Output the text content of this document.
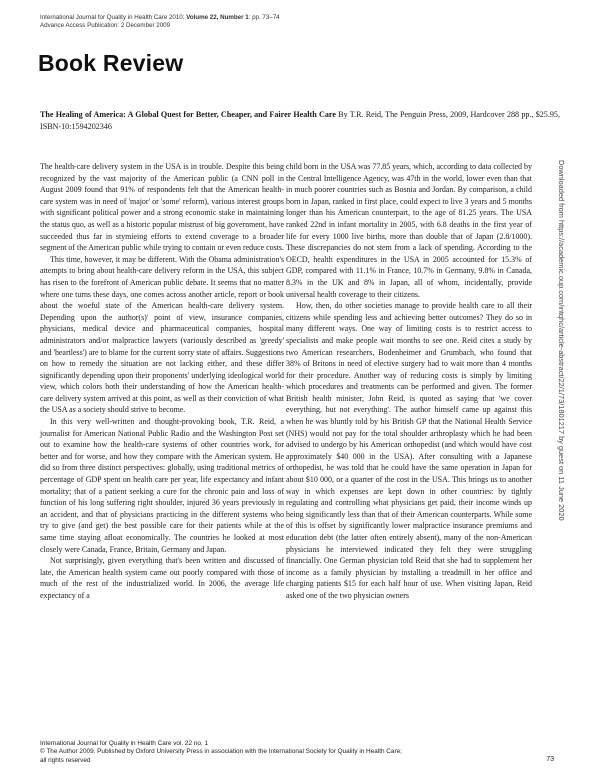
International Journal for Quality in Health Care 2010; Volume 22, Number 1: pp. 73–74
Advance Access Publication: 2 December 2009
Book Review
The Healing of America: A Global Quest for Better, Cheaper, and Fairer Health Care By T.R. Reid, The Penguin Press, 2009, Hardcover 288 pp., $25.95, ISBN-10:1594202346

The health-care delivery system in the USA is in trouble. Despite this being recognized by the vast majority of the American public (a CNN poll in August 2009 found that 91% of respondents felt that the American health-care system was in need of 'major' or 'some' reform), various interest groups with significant political power and a strong economic stake in maintaining the status quo, as well as a historic popular mistrust of big government, have succeeded thus far in stymieing efforts to extend coverage to a broader segment of the American public while trying to contain or even reduce costs.

This time, however, it may be different. With the Obama administration's attempts to bring about health-care delivery reform in the USA, this subject has risen to the forefront of American public debate. It seems that no matter where one turns these days, one comes across another article, report or book about the woeful state of the American health-care delivery system. Depending upon the author(s)' point of view, insurance companies, physicians, medical device and pharmaceutical companies, hospital administrators and/or malpractice lawyers (variously described as 'greedy' and 'heartless') are to blame for the current sorry state of affairs. Suggestions on how to remedy the situation are not lacking either, and these differ significantly depending upon their proponents' underlying ideological world view, which colors both their understanding of how the American health-care delivery system arrived at this point, as well as their conviction of what the USA as a society should strive to become.

In this very well-written and thought-provoking book, T.R. Reid, a journalist for American National Public Radio and the Washington Post set out to examine how the health-care systems of other countries work, for better and for worse, and how they compare with the American system. He did so from three distinct perspectives: globally, using traditional metrics of percentage of GDP spent on health care per year, life expectancy and infant mortality; that of a patient seeking a cure for the chronic pain and loss of function of his long suffering right shoulder, injured 36 years previously in an accident, and that of physicians practicing in the different systems who try to give (and get) the best possible care for their patients while at the same time staying afloat economically. The countries he looked at most closely were Canada, France, Britain, Germany and Japan.

Not surprisingly, given everything that's been written and discussed of late, the American health system came out poorly compared with those of much of the rest of the industrialized world. In 2006, the average life expectancy of a

child born in the USA was 77.85 years, which, according to data collected by the Central Intelligence Agency, was 47th in the world, lower even than that in much poorer countries such as Bosnia and Jordan. By comparison, a child born in Japan, ranked in first place, could expect to live 3 years and 5 months longer than his American counterpart, to the age of 81.25 years. The USA ranked 22nd in infant mortality in 2005, with 6.8 deaths in the first year of life for every 1000 live births, more than double that of Japan (2.8/1000). These discrepancies do not stem from a lack of spending. According to the OECD, health expenditures in the USA in 2005 accounted for 15.3% of GDP, compared with 11.1% in France, 10.7% in Germany, 9.8% in Canada, 8.3% in the UK and 8% in Japan, all of whom, incidentally, provide universal health coverage to their citizens.

How, then, do other societies manage to provide health care to all their citizens while spending less and achieving better outcomes? They do so in many different ways. One way of limiting costs is to restrict access to specialists and make people wait months to see one. Reid cites a study by two American researchers, Bodenheimer and Grumbach, who found that 38% of Britons in need of elective surgery had to wait more than 4 months for their procedure. Another way of reducing costs is simply by limiting which procedures and treatments can be performed and given. The former British health minister, John Reid, is quoted as saying that 'we cover everything, but not everything'. The author himself came up against this when he was bluntly told by his British GP that the National Health Service (NHS) would not pay for the total shoulder arthroplasty which he had been advised to undergo by his American orthopedist (and which would have cost approximately $40 000 in the USA). After consulting with a Japanese orthopedist, he was told that he could have the same operation in Japan for about $10 000, or a quarter of the cost in the USA. This brings us to another way in which expenses are kept down in other countries: by tightly regulating and controlling what physicians get paid, their income winds up being significantly less than that of their American counterparts. While some of this is offset by significantly lower malpractice insurance premiums and education debt (the latter often entirely absent), many of the non-American physicians he interviewed indicated they felt they were struggling financially. One German physician told Reid that she had to supplement her income as a family physician by installing a treadmill in her office and charging patients $15 for each half hour of use. When visiting Japan, Reid asked one of the two physician owners

Downloaded from https://academic.oup.com/intqhc/article-abstract/22/1/73/1801217 by guest on 11 June 2020
International Journal for Quality in Health Care vol. 22 no. 1
© The Author 2009. Published by Oxford University Press in association with the International Society for Quality in Health Care;
all rights reserved	73
